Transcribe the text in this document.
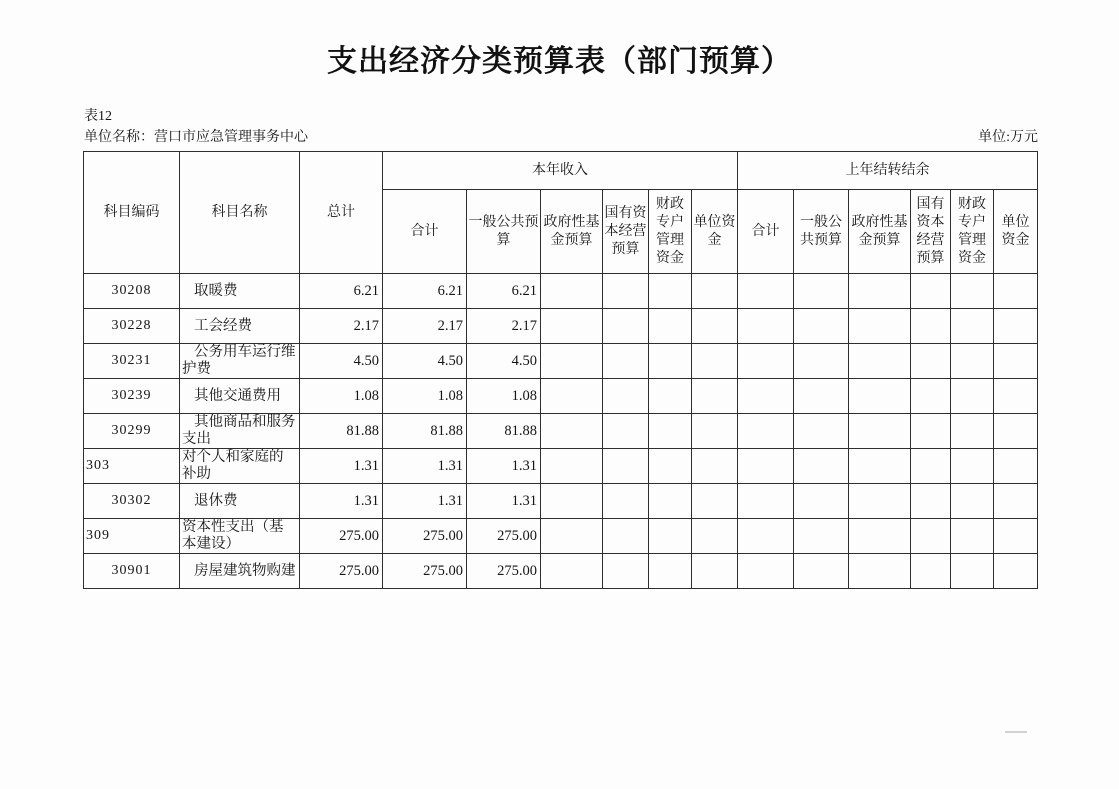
支出经济分类预算表（部门预算）
表12
单位名称：营口市应急管理事务中心	单位:万元
科目编码	科目名称	总计	本年收入						上年结转结余					
			合计	一般公共预算	政府性基金预算	国有资本经营预算	财政专户管理资金	单位资金	合计	一般公共预算	政府性基金预算	国有资本经营预算	财政专户管理资金	单位资金
30208	取暖费	6.21	6.21	6.21										
30228	工会经费	2.17	2.17	2.17										
30231	公务用车运行维护费	4.50	4.50	4.50										
30239	其他交通费用	1.08	1.08	1.08										
30299	其他商品和服务支出	81.88	81.88	81.88										
303	对个人和家庭的补助	1.31	1.31	1.31										
30302	退休费	1.31	1.31	1.31										
309	资本性支出（基本建设）	275.00	275.00	275.00										
30901	房屋建筑物购建	275.00	275.00	275.00										
